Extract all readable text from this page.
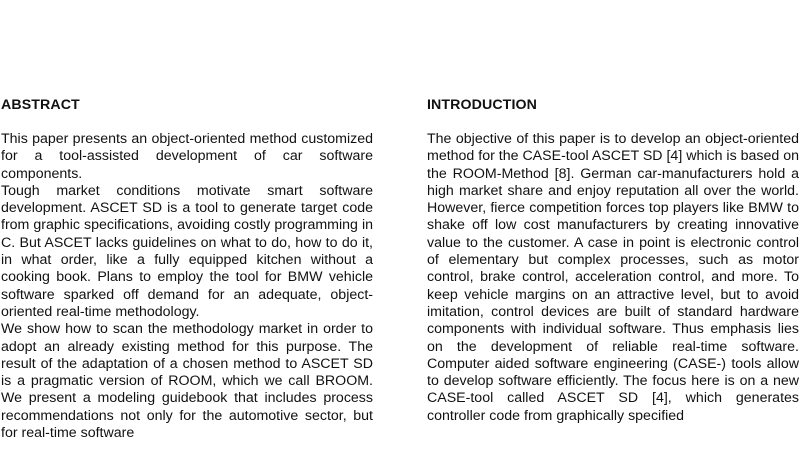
ABSTRACT

This paper presents an object-oriented method customized for a tool-assisted development of car software components.

Tough market conditions motivate smart software development. ASCET SD is a tool to generate target code from graphic specifications, avoiding costly programming in C. But ASCET lacks guidelines on what to do, how to do it, in what order, like a fully equipped kitchen without a cooking book. Plans to employ the tool for BMW vehicle software sparked off demand for an adequate, object-oriented real-time methodology.

We show how to scan the methodology market in order to adopt an already existing method for this purpose. The result of the adaptation of a chosen method to ASCET SD is a pragmatic version of ROOM, which we call BROOM. We present a modeling guidebook that includes process recommendations not only for the automotive sector, but for real-time software

INTRODUCTION

The objective of this paper is to develop an object-oriented method for the CASE-tool ASCET SD [4] which is based on the ROOM-Method [8]. German car-manufacturers hold a high market share and enjoy reputation all over the world. However, fierce competition forces top players like BMW to shake off low cost manufacturers by creating innovative value to the customer. A case in point is electronic control of elementary but complex processes, such as motor control, brake control, acceleration control, and more. To keep vehicle margins on an attractive level, but to avoid imitation, control devices are built of standard hardware components with individual software. Thus emphasis lies on the development of reliable real-time software. Computer aided software engineering (CASE-) tools allow to develop software efficiently. The focus here is on a new CASE-tool called ASCET SD [4], which generates controller code from graphically specified
